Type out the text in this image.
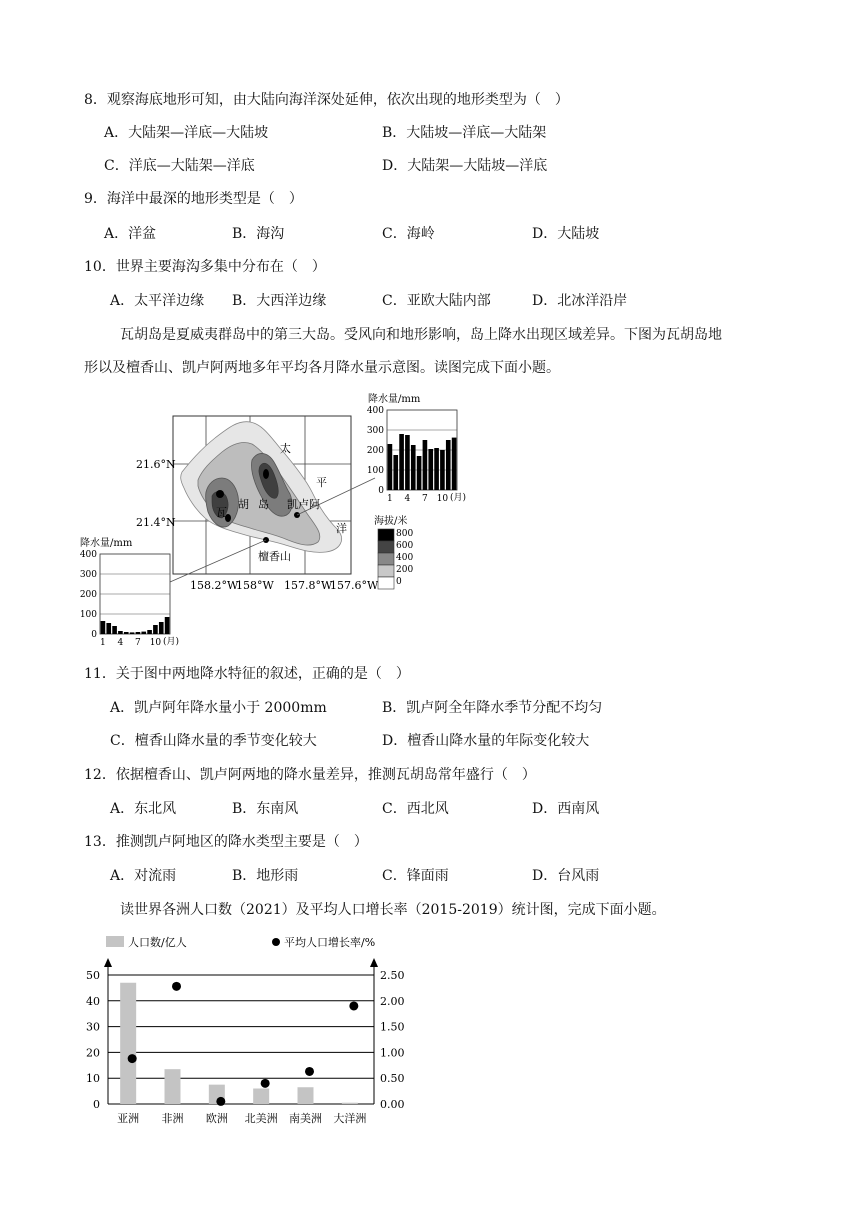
8．观察海底地形可知，由大陆向海洋深处延伸，依次出现的地形类型为（　）
A．大陆架—洋底—大陆坡	B．大陆坡—洋底—大陆架
C．洋底—大陆架—洋底	D．大陆架—大陆坡—洋底
9．海洋中最深的地形类型是（　）
A．洋盆	B．海沟	C．海岭	D．大陆坡
10．世界主要海沟多集中分布在（　）
A．太平洋边缘 B．大西洋边缘	C．亚欧大陆内部	D．北冰洋沿岸
瓦胡岛是夏威夷群岛中的第三大岛。受风向和地形影响，岛上降水出现区域差异。下图为瓦胡岛地
形以及檀香山、凯卢阿两地多年平均各月降水量示意图。读图完成下面小题。
21.6°N
21.4°N
158.2°W
158°W 157.8°W
157.6°W
太
平
洋
瓦
胡 岛 凯卢阿
檀香山
海拔/米
800
600
400
200
0
降水量/mm
0
100
200
300
400
1 4 7 10 (月)
降水量/mm
0
100
200
300
400
1 4 7 10 (月)
11．关于图中两地降水特征的叙述，正确的是（　）
A．凯卢阿年降水量小于 2000mm	B．凯卢阿全年降水季节分配不均匀
C．檀香山降水量的季节变化较大	D．檀香山降水量的年际变化较大
12．依据檀香山、凯卢阿两地的降水量差异，推测瓦胡岛常年盛行（　）
A．东北风	B．东南风	C．西北风	D．西南风
13．推测凯卢阿地区的降水类型主要是（　）
A．对流雨	B．地形雨	C．锋面雨	D．台风雨
读世界各洲人口数（2021）及平均人口增长率（2015-2019）统计图，完成下面小题。
人口数/亿人	平均人口增长率/%
0
10
20
30
40
50
0.00
0.50
1.00
1.50
2.00
2.50
亚洲 非洲 欧洲 北美洲 南美洲 大洋洲
